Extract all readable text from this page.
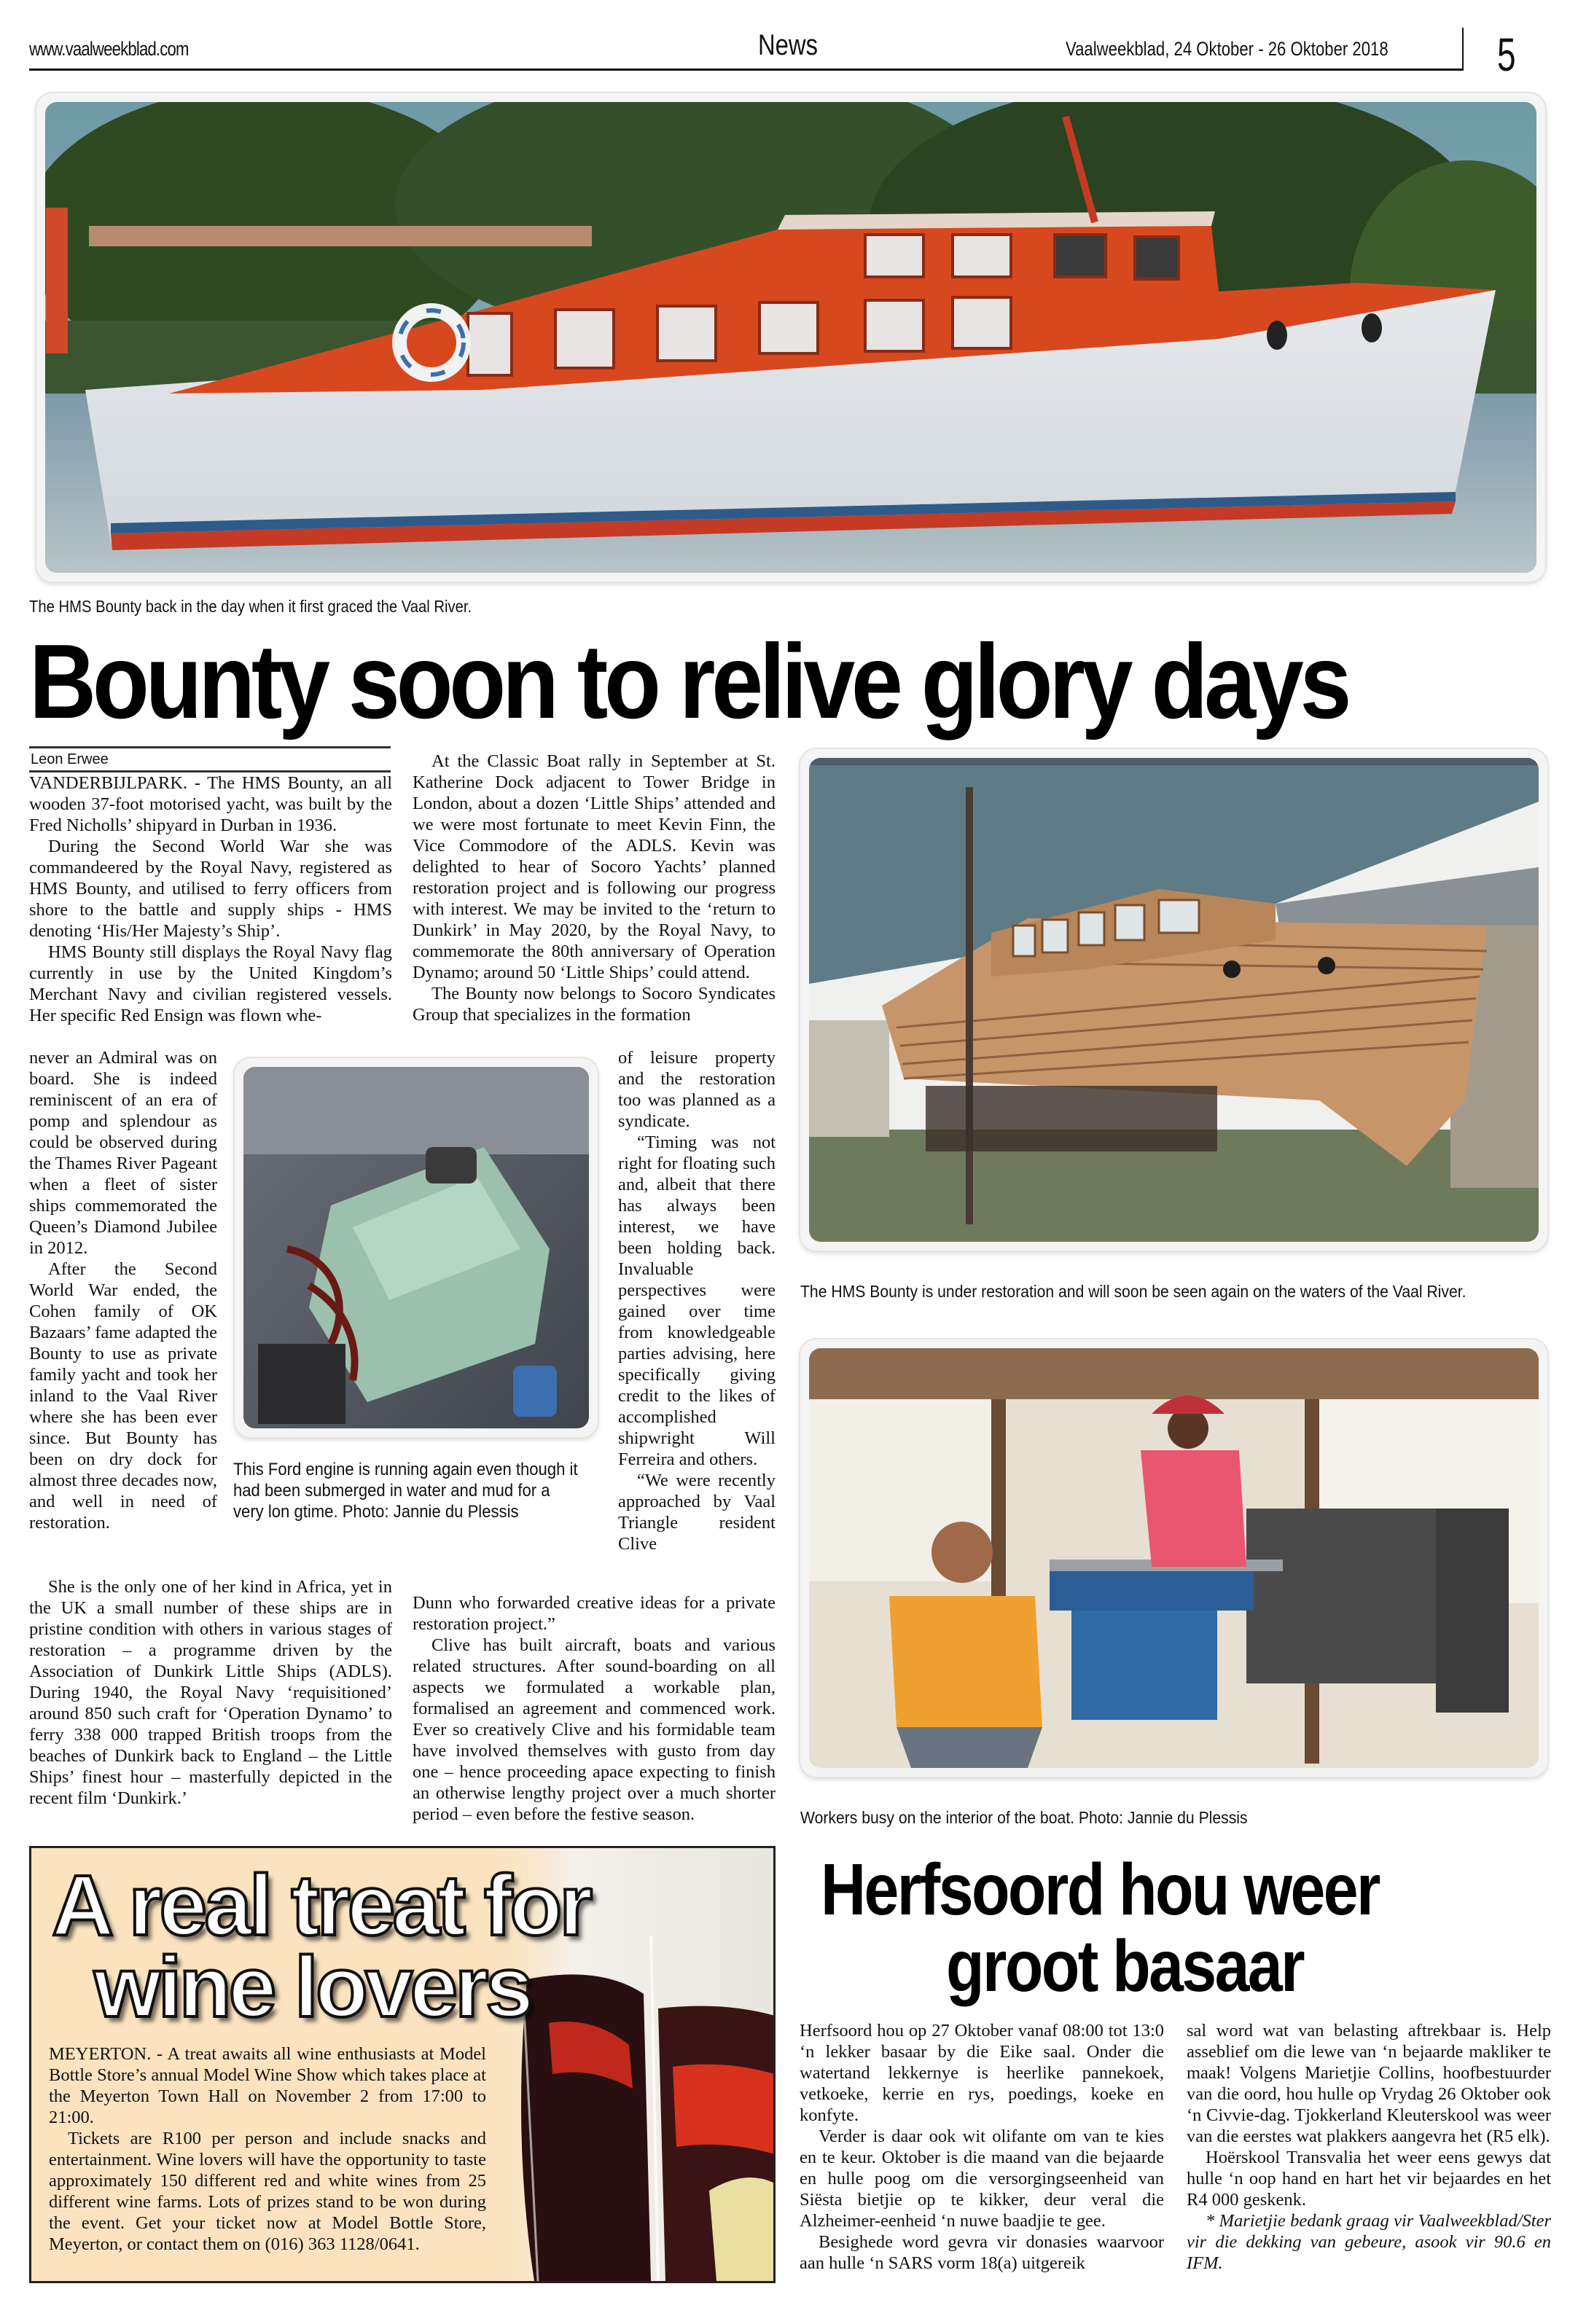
www.vaalweekblad.com	News	Vaalweekblad, 24 Oktober - 26 Oktober 2018 5
The HMS Bounty back in the day when it first graced the Vaal River.
Bounty soon to relive glory days
Leon Erwee

VANDERBIJLPARK. - The HMS Bounty, an all wooden 37-foot motorised yacht, was built by the Fred Nicholls’ shipyard in Durban in 1936.

During the Second World War she was commandeered by the Royal Navy, registered as HMS Bounty, and utilised to ferry officers from shore to the battle and supply ships - HMS denoting ‘His/Her Majesty’s Ship’.

HMS Bounty still displays the Royal Navy flag currently in use by the United Kingdom’s Merchant Navy and civilian registered vessels. Her specific Red Ensign was flown whe-

never an Admiral was on board. She is indeed reminiscent of an era of pomp and splendour as could be observed during the Thames River Pageant when a fleet of sister ships commemorated the Queen’s Diamond Jubilee in 2012.

After the Second World War ended, the Cohen family of OK Bazaars’ fame adapted the Bounty to use as private family yacht and took her inland to the Vaal River where she has been ever since. But Bounty has been on dry dock for almost three decades now, and well in need of restoration.

She is the only one of her kind in Africa, yet in the UK a small number of these ships are in pristine condition with others in various stages of restoration – a programme driven by the Association of Dunkirk Little Ships (ADLS). During 1940, the Royal Navy ‘requisitioned’ around 850 such craft for ‘Operation Dynamo’ to ferry 338 000 trapped British troops from the beaches of Dunkirk back to England – the Little Ships’ finest hour – masterfully depicted in the recent film ‘Dunkirk.’

This Ford engine is running again even though it had been submerged in water and mud for a very lon gtime. Photo: Jannie du Plessis

At the Classic Boat rally in September at St. Katherine Dock adjacent to Tower Bridge in London, about a dozen ‘Little Ships’ attended and we were most fortunate to meet Kevin Finn, the Vice Commodore of the ADLS. Kevin was delighted to hear of Socoro Yachts’ planned restoration project and is following our progress with interest. We may be invited to the ‘return to Dunkirk’ in May 2020, by the Royal Navy, to commemorate the 80th anniversary of Operation Dynamo; around 50 ‘Little Ships’ could attend.

The Bounty now belongs to Socoro Syndicates Group that specializes in the formation

of leisure property and the restoration too was planned as a syndicate.

“Timing was not right for floating such and, albeit that there has always been interest, we have been holding back. Invaluable perspectives were gained over time from knowledgeable parties advising, here specifically giving credit to the likes of accomplished shipwright Will Ferreira and others.

“We were recently approached by Vaal Triangle resident Clive

Dunn who forwarded creative ideas for a private restoration project.”

Clive has built aircraft, boats and various related structures. After sound-boarding on all aspects we formulated a workable plan, formalised an agreement and commenced work. Ever so creatively Clive and his formidable team have involved themselves with gusto from day one – hence proceeding apace expecting to finish an otherwise lengthy project over a much shorter period – even before the festive season.

The HMS Bounty is under restoration and will soon be seen again on the waters of the Vaal River.
Workers busy on the interior of the boat. Photo: Jannie du Plessis
A real treat for
wine lovers

MEYERTON. - A treat awaits all wine enthusiasts at Model Bottle Store’s annual Model Wine Show which takes place at the Meyerton Town Hall on November 2 from 17:00 to 21:00.

Tickets are R100 per person and include snacks and entertainment. Wine lovers will have the opportunity to taste approximately 150 different red and white wines from 25 different wine farms. Lots of prizes stand to be won during the event. Get your ticket now at Model Bottle Store, Meyerton, or contact them on (016) 363 1128/0641.

Herfsoord hou weer
groot basaar

Herfsoord hou op 27 Oktober vanaf 08:00 tot 13:0 ‘n lekker basaar by die Eike saal. Onder die watertand lekkernye is heerlike pannekoek, vetkoeke, kerrie en rys, poedings, koeke en konfyte.

Verder is daar ook wit olifante om van te kies en te keur. Oktober is die maand van die bejaarde en hulle poog om die versorgingseenheid van Siësta bietjie op te kikker, deur veral die Alzheimer-eenheid ‘n nuwe baadjie te gee.

Besighede word gevra vir donasies waarvoor aan hulle ‘n SARS vorm 18(a) uitgereik

sal word wat van belasting aftrekbaar is. Help asseblief om die lewe van ‘n bejaarde makliker te maak! Volgens Marietjie Collins, hoofbestuurder van die oord, hou hulle op Vrydag 26 Oktober ook ‘n Civvie-dag. Tjokkerland Kleuterskool was weer van die eerstes wat plakkers aangevra het (R5 elk).

Hoërskool Transvalia het weer eens gewys dat hulle ‘n oop hand en hart het vir bejaardes en het R4 000 geskenk.

* Marietjie bedank graag vir Vaalweekblad/Ster vir die dekking van gebeure, asook vir 90.6 en IFM.
